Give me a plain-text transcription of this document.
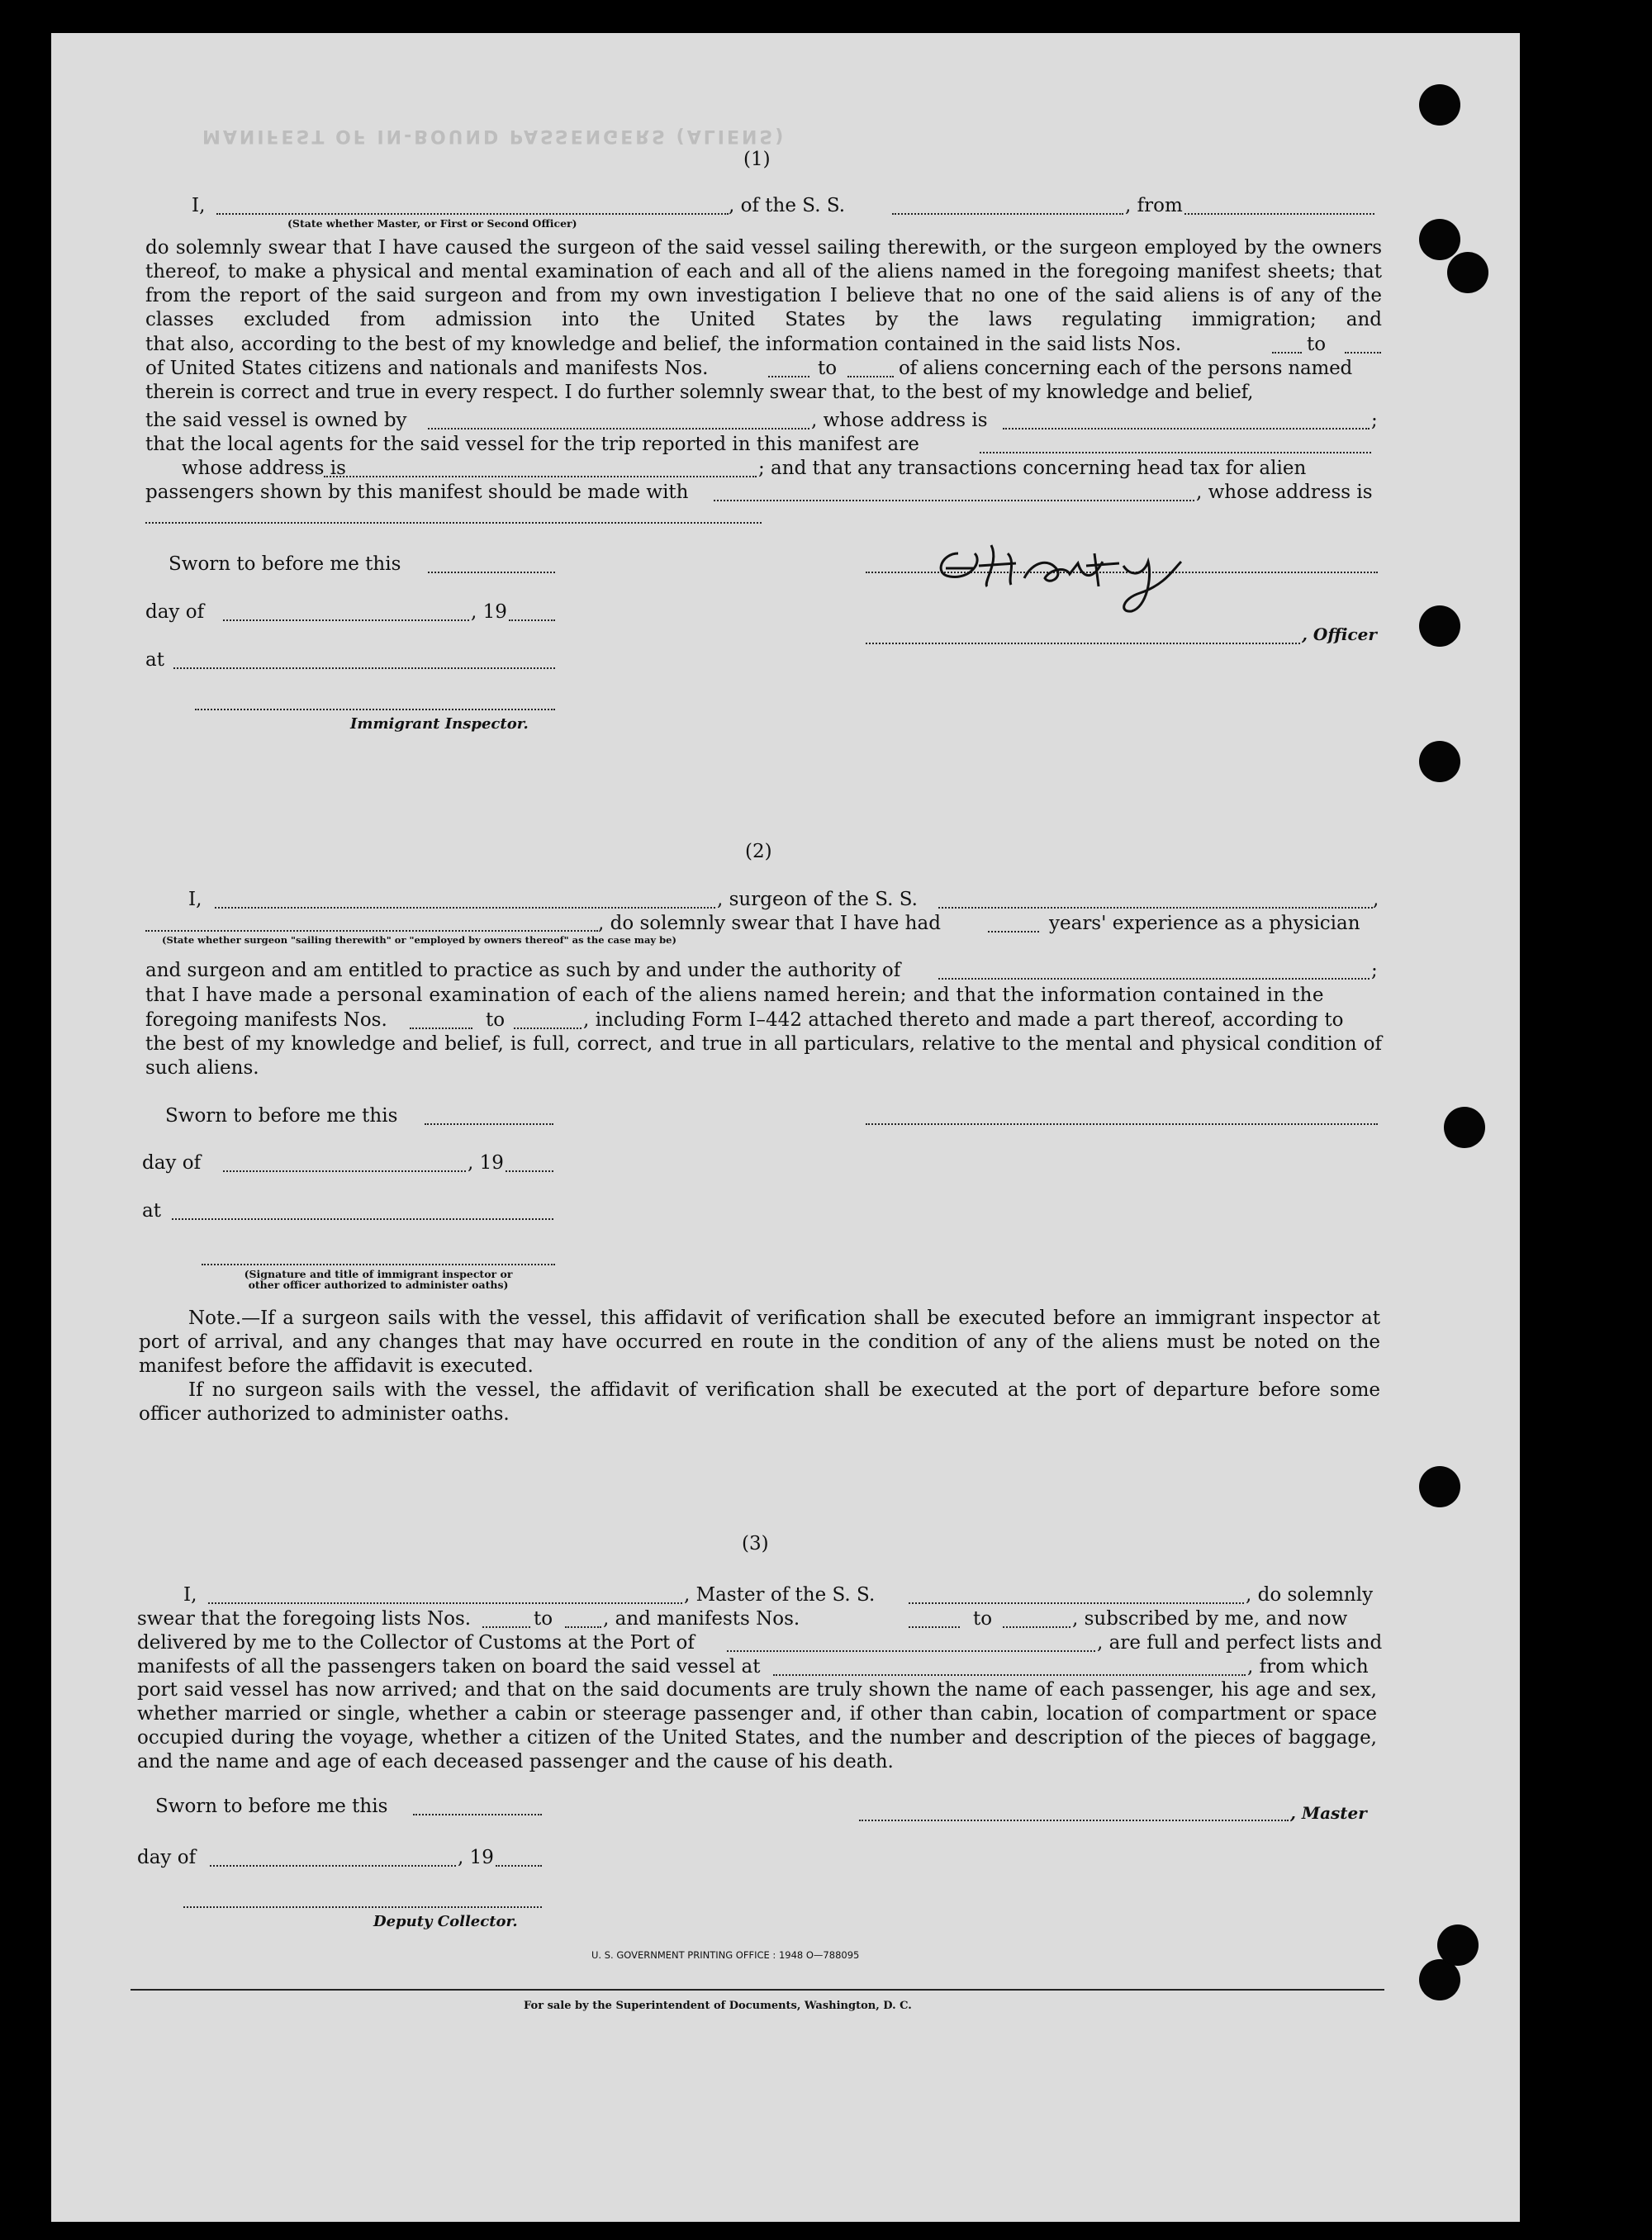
MANIFEST OF IN-BOUND PASSENGERS (ALIENS)
(1)
I,	, of the S. S.	, from
(State whether Master, or First or Second Officer)
do solemnly swear that I have caused the surgeon of the said vessel sailing therewith, or the surgeon employed by the owners thereof, to make a physical and mental examination of each and all of the aliens named in the foregoing manifest sheets; that from the report of the said surgeon and from my own investigation I believe that no one of the said aliens is of any of the classes excluded from admission into the United States by the laws regulating immigration; and
that also, according to the best of my knowledge and belief, the information contained in the said lists Nos.	to
of United States citizens and nationals and manifests Nos.	to	of aliens concerning each of the persons named
therein is correct and true in every respect. I do further solemnly swear that, to the best of my knowledge and belief,
the said vessel is owned by	, whose address is	;
that the local agents for the said vessel for the trip reported in this manifest are
whose address is	; and that any transactions concerning head tax for alien
passengers shown by this manifest should be made with	, whose address is
Sworn to before me this
day of	, 19
at
Immigrant Inspector.
, Officer
(2)
I,	, surgeon of the S. S.	,
, do solemnly swear that I have had	years' experience as a physician
(State whether surgeon "sailing therewith" or "employed by owners thereof" as the case may be)
and surgeon and am entitled to practice as such by and under the authority of	;
that I have made a personal examination of each of the aliens named herein; and that the information contained in the
foregoing manifests Nos.	to	, including Form I–442 attached thereto and made a part thereof, according to
the best of my knowledge and belief, is full, correct, and true in all particulars, relative to the mental and physical condition of such aliens.
Sworn to before me this
day of	, 19
at
(Signature and title of immigrant inspector or
other officer authorized to administer oaths)
Note.—If a surgeon sails with the vessel, this affidavit of verification shall be executed before an immigrant inspector at port of arrival, and any changes that may have occurred en route in the condition of any of the aliens must be noted on the manifest before the affidavit is executed.
If no surgeon sails with the vessel, the affidavit of verification shall be executed at the port of departure before some officer authorized to administer oaths.
(3)
I,	, Master of the S. S.	, do solemnly
swear that the foregoing lists Nos.	to	, and manifests Nos.	to	, subscribed by me, and now
delivered by me to the Collector of Customs at the Port of	, are full and perfect lists and
manifests of all the passengers taken on board the said vessel at	, from which
port said vessel has now arrived; and that on the said documents are truly shown the name of each passenger, his age and sex, whether married or single, whether a cabin or steerage passenger and, if other than cabin, location of compartment or space occupied during the voyage, whether a citizen of the United States, and the number and description of the pieces of baggage, and the name and age of each deceased passenger and the cause of his death.
Sworn to before me this	, Master
day of	, 19
Deputy Collector.
U. S. GOVERNMENT PRINTING OFFICE : 1948 O—788095
For sale by the Superintendent of Documents, Washington, D. C.
